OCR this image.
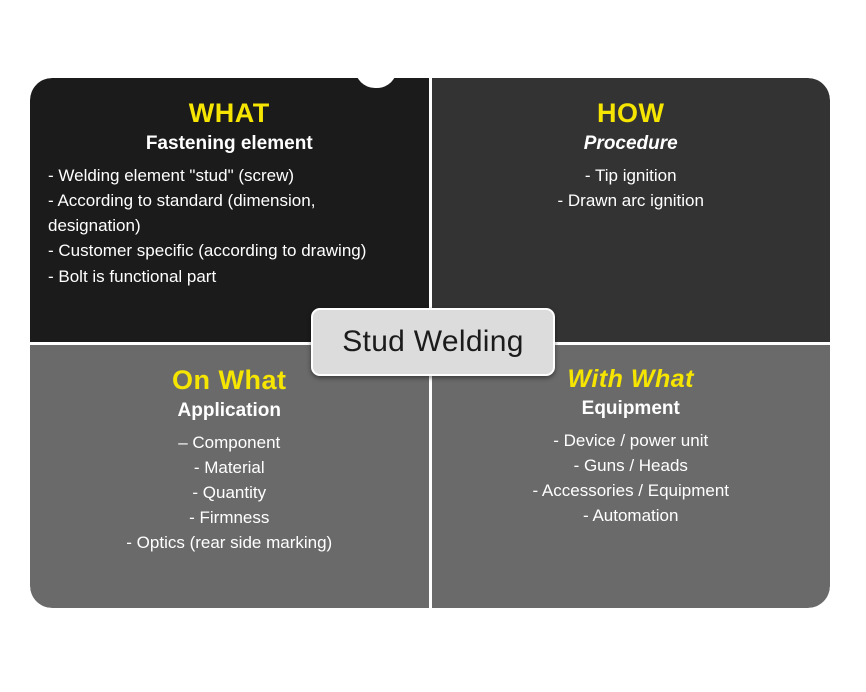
WHAT
Fastening element
- Welding element "stud" (screw)
- According to standard (dimension,
designation)
- Customer specific (according to drawing)
- Bolt is functional part
HOW
Procedure
- Tip ignition
- Drawn arc ignition
On What
Application
– Component
- Material
- Quantity
- Firmness
- Optics (rear side marking)
With What
Equipment
- Device / power unit
- Guns / Heads
- Accessories / Equipment
- Automation
Stud Welding
